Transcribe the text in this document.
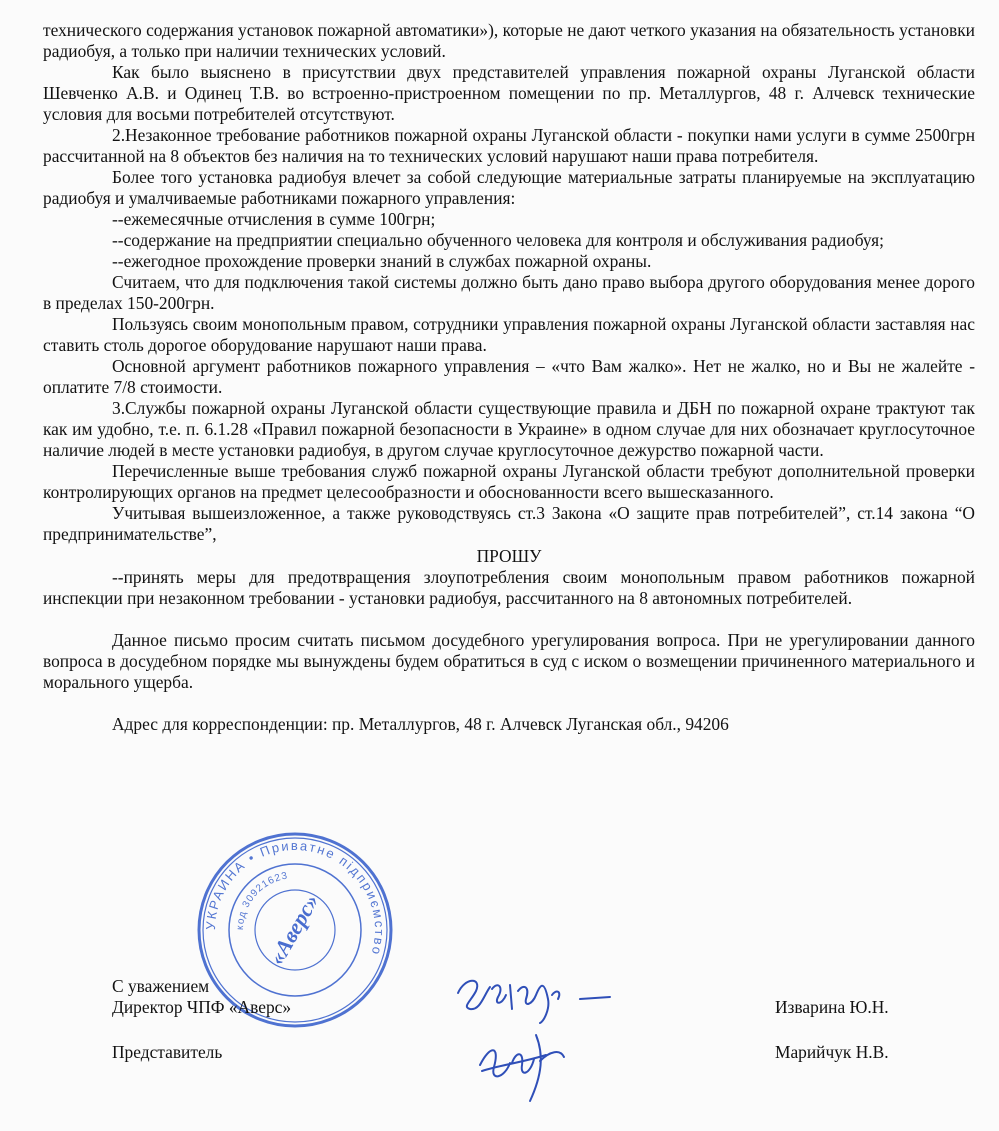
технического содержания установок пожарной автоматики»), которые не дают четкого указания на обязательность установки радиобуя, а только при наличии технических условий.

Как было выяснено в присутствии двух представителей управления пожарной охраны Луганской области Шевченко А.В. и Одинец Т.В. во встроенно-пристроенном помещении по пр. Металлургов, 48 г. Алчевск технические условия для восьми потребителей отсутствуют.

2.Незаконное требование работников пожарной охраны Луганской области - покупки нами услуги в сумме 2500грн рассчитанной на 8 объектов без наличия на то технических условий нарушают наши права потребителя.

Более того установка радиобуя влечет за собой следующие материальные затраты планируемые на эксплуатацию радиобуя и умалчиваемые работниками пожарного управления:

--ежемесячные отчисления в сумме 100грн;

--содержание на предприятии специально обученного человека для контроля и обслуживания радиобуя;

--ежегодное прохождение проверки знаний в службах пожарной охраны.

Считаем, что для подключения такой системы должно быть дано право выбора другого оборудования менее дорого в пределах 150-200грн.

Пользуясь своим монопольным правом, сотрудники управления пожарной охраны Луганской области заставляя нас ставить столь дорогое оборудование нарушают наши права.

Основной аргумент работников пожарного управления – «что Вам жалко». Нет не жалко, но и Вы не жалейте - оплатите 7/8 стоимости.

3.Службы пожарной охраны Луганской области существующие правила и ДБН по пожарной охране трактуют так как им удобно, т.е. п. 6.1.28 «Правил пожарной безопасности в Украине» в одном случае для них обозначает круглосуточное наличие людей в месте установки радиобуя, в другом случае круглосуточное дежурство пожарной части.

Перечисленные выше требования служб пожарной охраны Луганской области требуют дополнительной проверки контролирующих органов на предмет целесообразности и обоснованности всего вышесказанного.

Учитывая вышеизложенное, а также руководствуясь ст.3 Закона «О защите прав потребителей”, ст.14 закона “О предпринимательстве”,

ПРОШУ

--принять меры для предотвращения злоупотребления своим монопольным правом работников пожарной инспекции при незаконном требовании - установки радиобуя, рассчитанного на 8 автономных потребителей.

Данное письмо просим считать письмом досудебного урегулирования вопроса. При не урегулировании данного вопроса в досудебном порядке мы вынуждены будем обратиться в суд с иском о возмещении причиненного материального и морального ущерба.

Адрес для корреспонденции: пр. Металлургов, 48 г. Алчевск Луганская обл., 94206

УКРАИНА • Приватне підприємство
код 30921623
«Аверс»

С уважением

Директор ЧПФ «Аверс»	Изварина Ю.Н.

Представитель	Марийчук Н.В.
